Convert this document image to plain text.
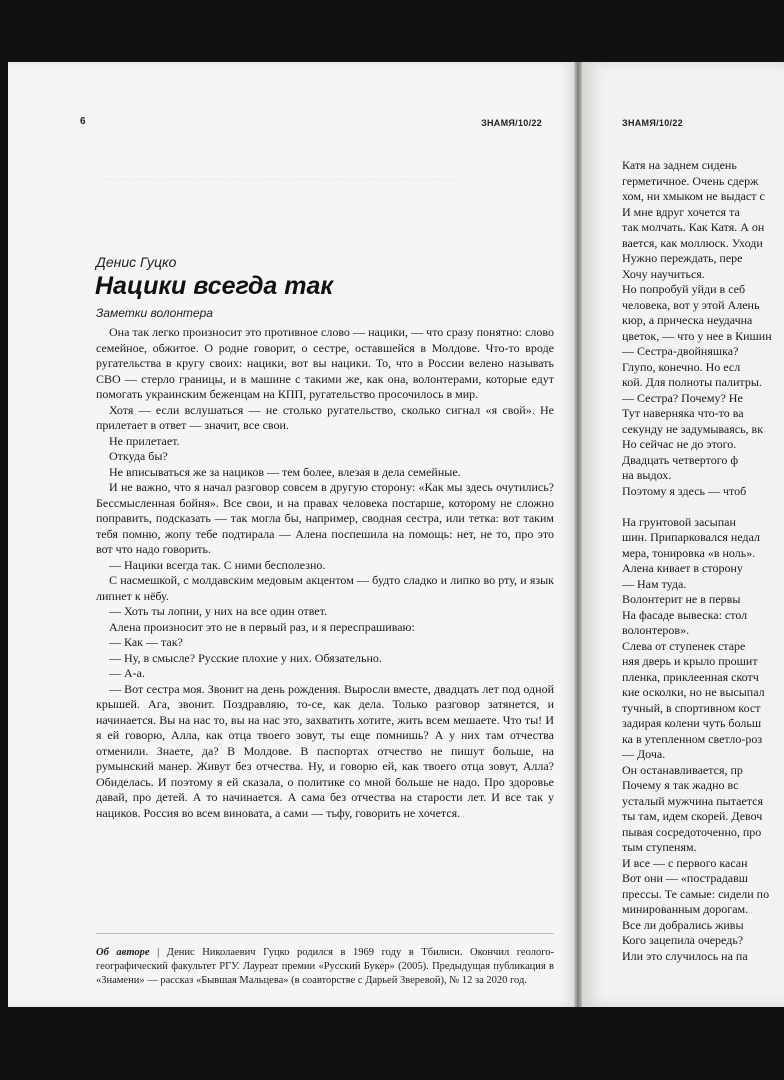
~~~~~~~~~~~~~~~~~~~~~~~~~~~~~~~~~~~~~~~~~~~~~~~~~~~~~~~~
6	ЗНАМЯ/10/22
Денис Гуцко
Нацики всегда так
Заметки волонтера

Она так легко произносит это противное слово — нацики, — что сразу понятно: слово семейное, обжитое. О родне говорит, о сестре, оставшейся в Молдове. Что-то вроде ругательства в кругу своих: нацики, вот вы нацики. То, что в России велено называть СВО — стерло границы, и в машине с такими же, как она, волонтерами, которые едут помогать украинским беженцам на КПП, ругательство просочилось в мир.

Хотя — если вслушаться — не столько ругательство, сколько сигнал «я свой». Не прилетает в ответ — значит, все свои.

Не прилетает.

Откуда бы?

Не вписываться же за нациков — тем более, влезая в дела семейные.

И не важно, что я начал разговор совсем в другую сторону: «Как мы здесь очутились? Бессмысленная бойня». Все свои, и на правах человека постарше, которому не сложно поправить, подсказать — так могла бы, например, сводная сестра, или тетка: вот таким тебя помню, жопу тебе подтирала — Алена поспешила на помощь: нет, не то, про это вот что надо говорить.

— Нацики всегда так. С ними бесполезно.

С насмешкой, с молдавским медовым акцентом — будто сладко и липко во рту, и язык липнет к нёбу.

— Хоть ты лопни, у них на все один ответ.

Алена произносит это не в первый раз, и я переспрашиваю:

— Как — так?

— Ну, в смысле? Русские плохие у них. Обязательно.

— А-а.

— Вот сестра моя. Звонит на день рождения. Выросли вместе, двадцать лет под одной крышей. Ага, звонит. Поздравляю, то-се, как дела. Только разговор затянется, и начинается. Вы на нас то, вы на нас это, захватить хотите, жить всем мешаете. Что ты! И я ей говорю, Алла, как отца твоего зовут, ты еще помнишь? А у них там отчества отменили. Знаете, да? В Молдове. В паспортах отчество не пишут больше, на румынский манер. Живут без отчества. Ну, и говорю ей, как твоего отца зовут, Алла? Обиделась. И поэтому я ей сказала, о политике со мной больше не надо. Про здоровье давай, про детей. А то начинается. А сама без отчества на старости лет. И все так у нациков. Россия во всем виновата, а сами — тьфу, говорить не хочется.

Об авторе | Денис Николаевич Гуцко родился в 1969 году в Тбилиси. Окончил геолого-географический факультет РГУ. Лауреат премии «Русский Букер» (2005). Предыдущая публикация в «Знамени» — рассказ «Бывшая Мальцева» (в соавторстве с Дарьей Зверевой), № 12 за 2020 год.
ЗНАМЯ/10/22
Катя на заднем сидень
герметичное. Очень сдерж
хом, ни хмыком не выдаст с
И мне вдруг хочется та
так молчать. Как Катя. А он
вается, как моллюск. Уходи
Нужно переждать, пере
Хочу научиться.
Но попробуй уйди в себ
человека, вот у этой Алень
кюр, а прическа неудачна
цветок, — что у нее в Кишин
— Сестра-двойняшка?
Глупо, конечно. Но есл
кой. Для полноты палитры.
— Сестра? Почему? Не
Тут наверняка что-то ва
секунду не задумываясь, вк
Но сейчас не до этого.
Двадцать четвертого ф
на выдох.
Поэтому я здесь — чтоб

На грунтовой засыпан
шин. Припарковался недал
мера, тонировка «в ноль».
Алена кивает в сторону
— Нам туда.
Волонтерит не в первы
На фасаде вывеска: стол
волонтеров».
Слева от ступенек старе
няя дверь и крыло прошит
пленка, приклеенная скотч
кие осколки, но не высыпал
тучный, в спортивном кост
задирая колени чуть больш
ка в утепленном светло-роз
— Доча.
Он останавливается, пр
Почему я так жадно вс
усталый мужчина пытается
ты там, идем скорей. Девоч
пывая сосредоточенно, про
тым ступеням.
И все — с первого касан
Вот они — «пострадавш
прессы. Те самые: сидели по
минированным дорогам.
Все ли добрались живы
Кого зацепила очередь?
Или это случилось на па
